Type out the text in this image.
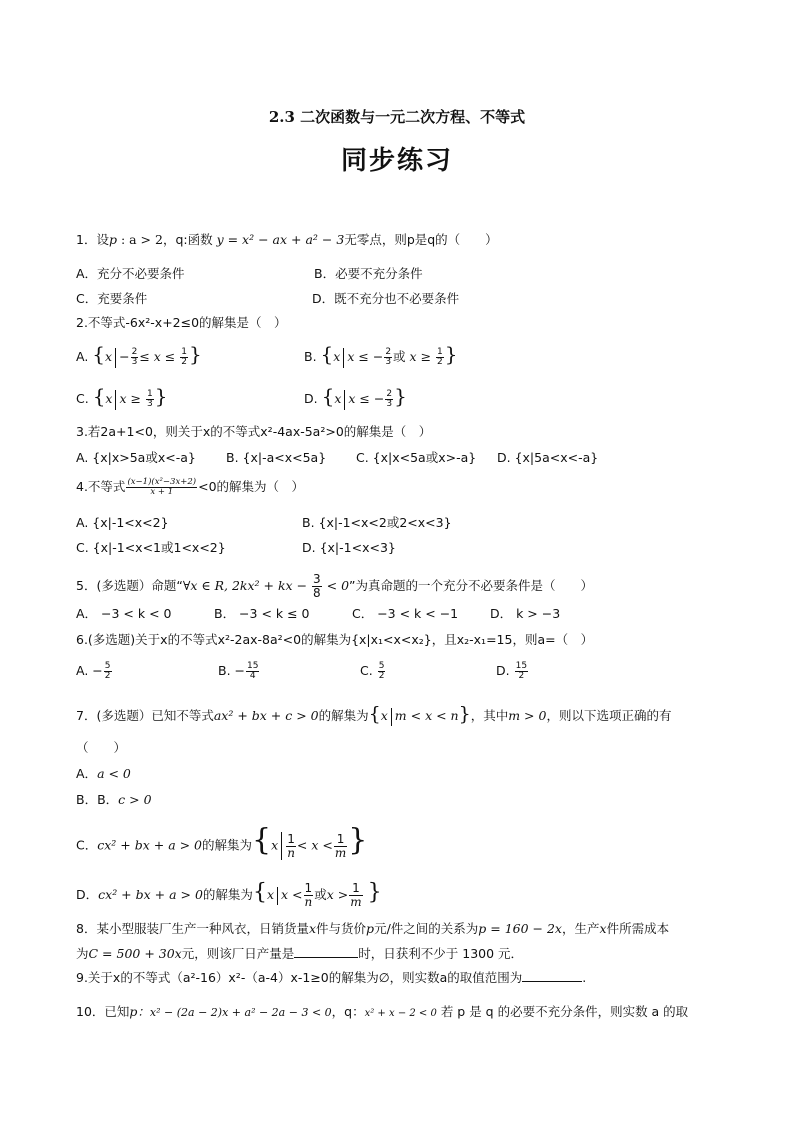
2.3 二次函数与一元二次方程、不等式
同步练习
1．设p : a > 2，q:函数 y = x² − ax + a² − 3无零点，则p是q的（　　）
A．充分不必要条件	B．必要不充分条件
C．充要条件	D．既不充分也不必要条件
2.不等式-6x²-x+2≤0的解集是（　）
A. {$x - \frac{2}{3} \le x \le \frac{1}{2}$ }	B. {x x ≤ − $\frac{2}{3}$ 或 $x \ge \frac{1}{2}$ }
C. {x $x \ge \frac{1}{3}$ }	D. {x x ≤ − $\frac{2}{3}$ }
3.若2a+1<0，则关于x的不等式x²-4ax-5a²>0的解集是（　）
A. {x|x>5a或x<-a} B. {x|-a<x<5a} C. {x|x<5a或x>-a} D. {x|5a<x<-a}
4.不等式 $\frac{\text{(x−1)(x²−3x+2)}}{x + 1} <0$的解集为（　）
A. {x|-1<x<2}	B. {x|-1<x<2或2<x<3}
C. {x|-1<x<1或1<x<2}	D. {x|-1<x<3}
5．(多选题）命题“∀x ∈ R, 2kx² + kx − $\frac{3}{8} < 0$”为真命题的一个充分不必要条件是（　　）
A． −3 < k < 0	B． −3 < k ≤ 0	C． −3 < k < −1	D． k > −3
6.(多选题)关于x的不等式x²-2ax-8a²<0的解集为{x|x₁<x<x₂}，且x₂-x₁=15，则a=（　）
A. − $\frac{5}{2}$	B. − $\frac{15}{4}$	C. $\frac{5}{2}$	D. $\frac{15}{2}$
7．(多选题）已知不等式ax² + bx + c > 0的解集为{x m < x < n}，其中m > 0，则以下选项正确的有
（　　）
A．a < 0
B．B．c > 0
C．cx² + bx + a > 0的解集为{$x \frac{1}{n} < x < \frac{1}{m}$ }
D．cx² + bx + a > 0的解集为{x $x < \frac{1}{n}$ 或$x > \frac{1}{m}$ }
8．某小型服装厂生产一种风衣，日销货量x件与货价p元/件之间的关系为p = 160 − 2x，生产x件所需成本
为C = 500 + 30x元，则该厂日产量是	时，日获利不少于 1300 元．
9.关于x的不等式（a²-16）x²-（a-4）x-1≥0的解集为∅，则实数a的取值范围为	.
10．已知p：x² − (2a − 2)x + a² − 2a − 3 < 0，q：x² + x − 2 < 0 若 p 是 q 的必要不充分条件，则实数 a 的取
